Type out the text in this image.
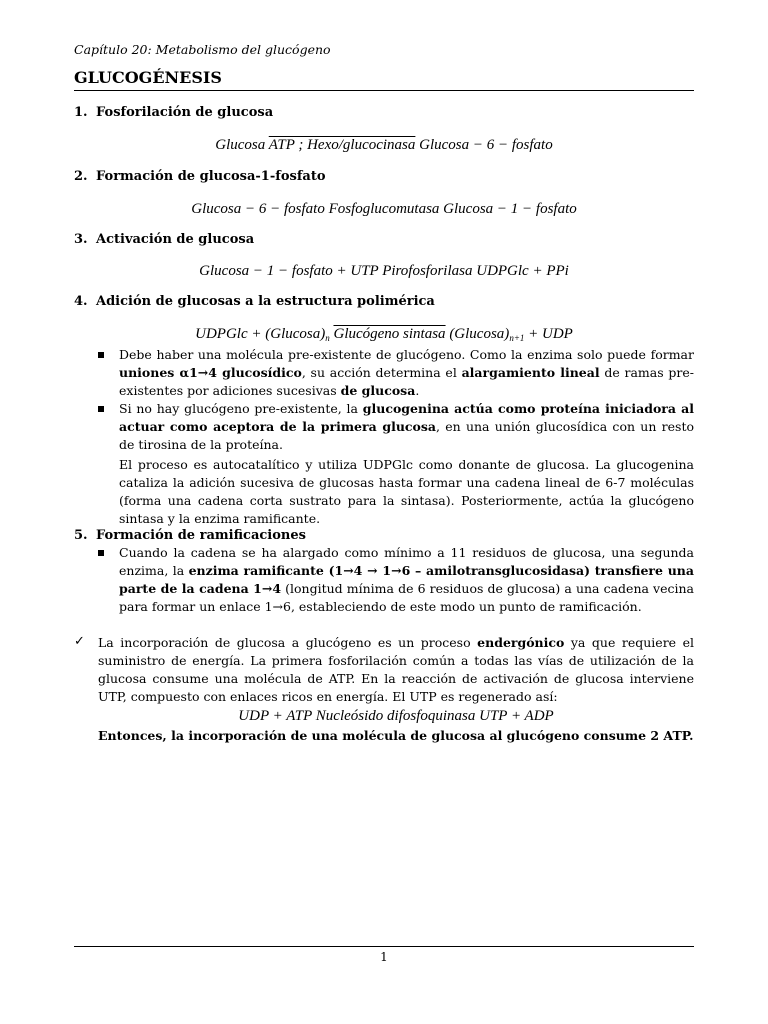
Capítulo 20: Metabolismo del glucógeno
GLUCOGÉNESIS
1. Fosforilación de glucosa
Glucosa ATP ; Hexo/glucocinasa Glucosa − 6 − fosfato
2. Formación de glucosa-1-fosfato
Glucosa − 6 − fosfato Fosfoglucomutasa Glucosa − 1 − fosfato
3. Activación de glucosa
Glucosa − 1 − fosfato + UTP Pirofosforilasa UDPGlc + PPi
4. Adición de glucosas a la estructura polimérica
UDPGlc + $(Glucosa)_n$ Glucógeno sintasa $(Glucosa)_{n+1}$ + UDP
Debe haber una molécula pre-existente de glucógeno. Como la enzima solo puede formar uniones α1→4 glucosídico, su acción determina el alargamiento lineal de ramas pre-existentes por adiciones sucesivas de glucosa.
Si no hay glucógeno pre-existente, la glucogenina actúa como proteína iniciadora al actuar como aceptora de la primera glucosa, en una unión glucosídica con un resto de tirosina de la proteína.
El proceso es autocatalítico y utiliza UDPGlc como donante de glucosa. La glucogenina cataliza la adición sucesiva de glucosas hasta formar una cadena lineal de 6-7 moléculas (forma una cadena corta sustrato para la sintasa). Posteriormente, actúa la glucógeno sintasa y la enzima ramificante.
5. Formación de ramificaciones
Cuando la cadena se ha alargado como mínimo a 11 residuos de glucosa, una segunda enzima, la enzima ramificante (1→4 → 1→6 – amilotransglucosidasa) transfiere una parte de la cadena 1→4 (longitud mínima de 6 residuos de glucosa) a una cadena vecina para formar un enlace 1→6, estableciendo de este modo un punto de ramificación.
✓ La incorporación de glucosa a glucógeno es un proceso endergónico ya que requiere el suministro de energía. La primera fosforilación común a todas las vías de utilización de la glucosa consume una molécula de ATP. En la reacción de activación de glucosa interviene UTP, compuesto con enlaces ricos en energía. El UTP es regenerado así:
UDP + ATP Nucleósido difosfoquinasa UTP + ADP
Entonces, la incorporación de una molécula de glucosa al glucógeno consume 2 ATP.
1
